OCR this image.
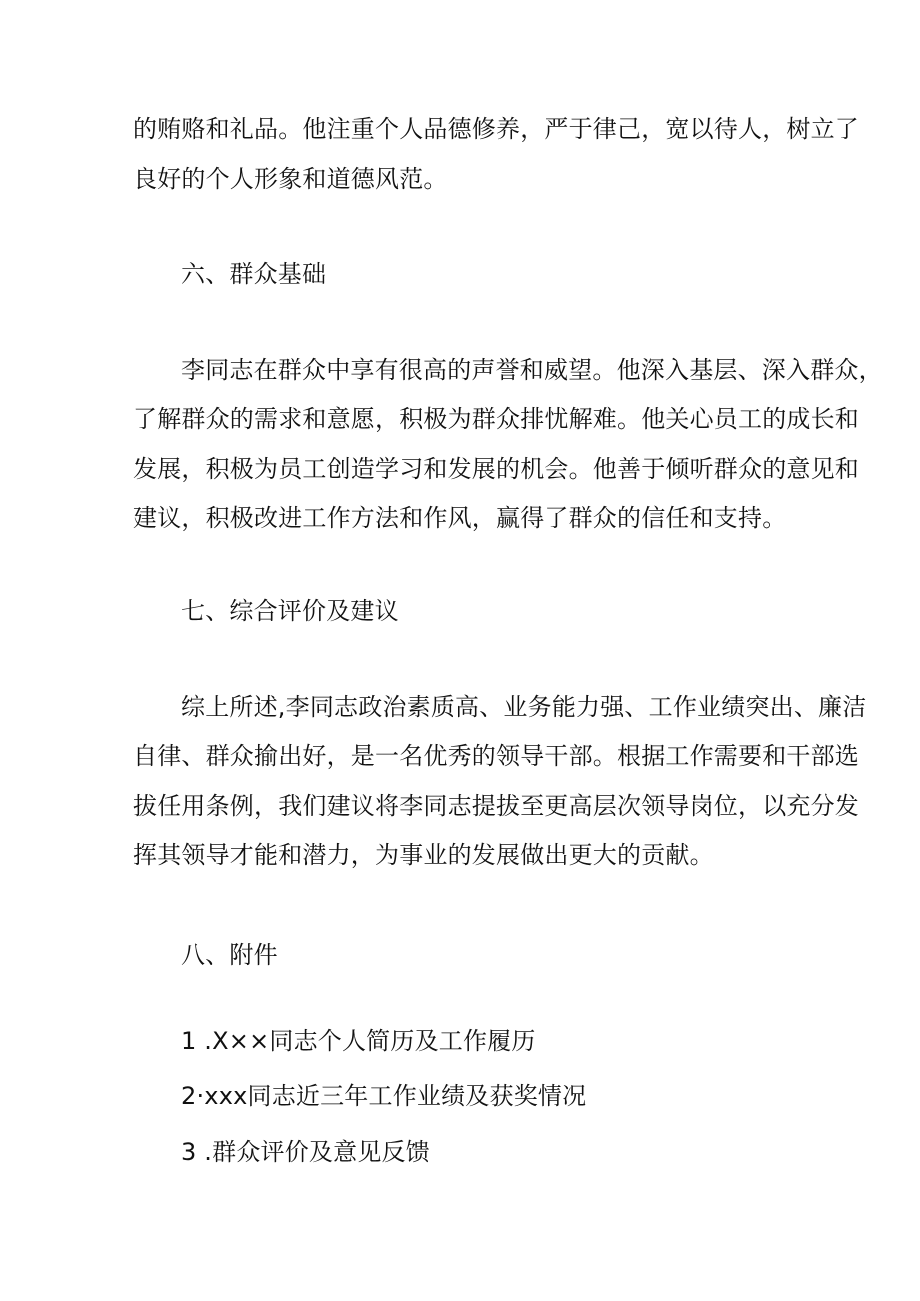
的贿赂和礼品。他注重个人品德修养，严于律己，宽以待人，树立了
良好的个人形象和道德风范。
六、群众基础
李同志在群众中享有很高的声誉和威望。他深入基层、深入群众，
了解群众的需求和意愿，积极为群众排忧解难。他关心员工的成长和
发展，积极为员工创造学习和发展的机会。他善于倾听群众的意见和
建议，积极改进工作方法和作风，赢得了群众的信任和支持。
七、综合评价及建议
综上所述,李同志政治素质高、业务能力强、工作业绩突出、廉洁
自律、群众揄出好，是一名优秀的领导干部。根据工作需要和干部选
拔任用条例，我们建议将李同志提拔至更高层次领导岗位，以充分发
挥其领导才能和潜力，为事业的发展做出更大的贡献。
八、附件
1 .X××同志个人简历及工作履历
2·xxx同志近三年工作业绩及获奖情况
3 .群众评价及意见反馈
